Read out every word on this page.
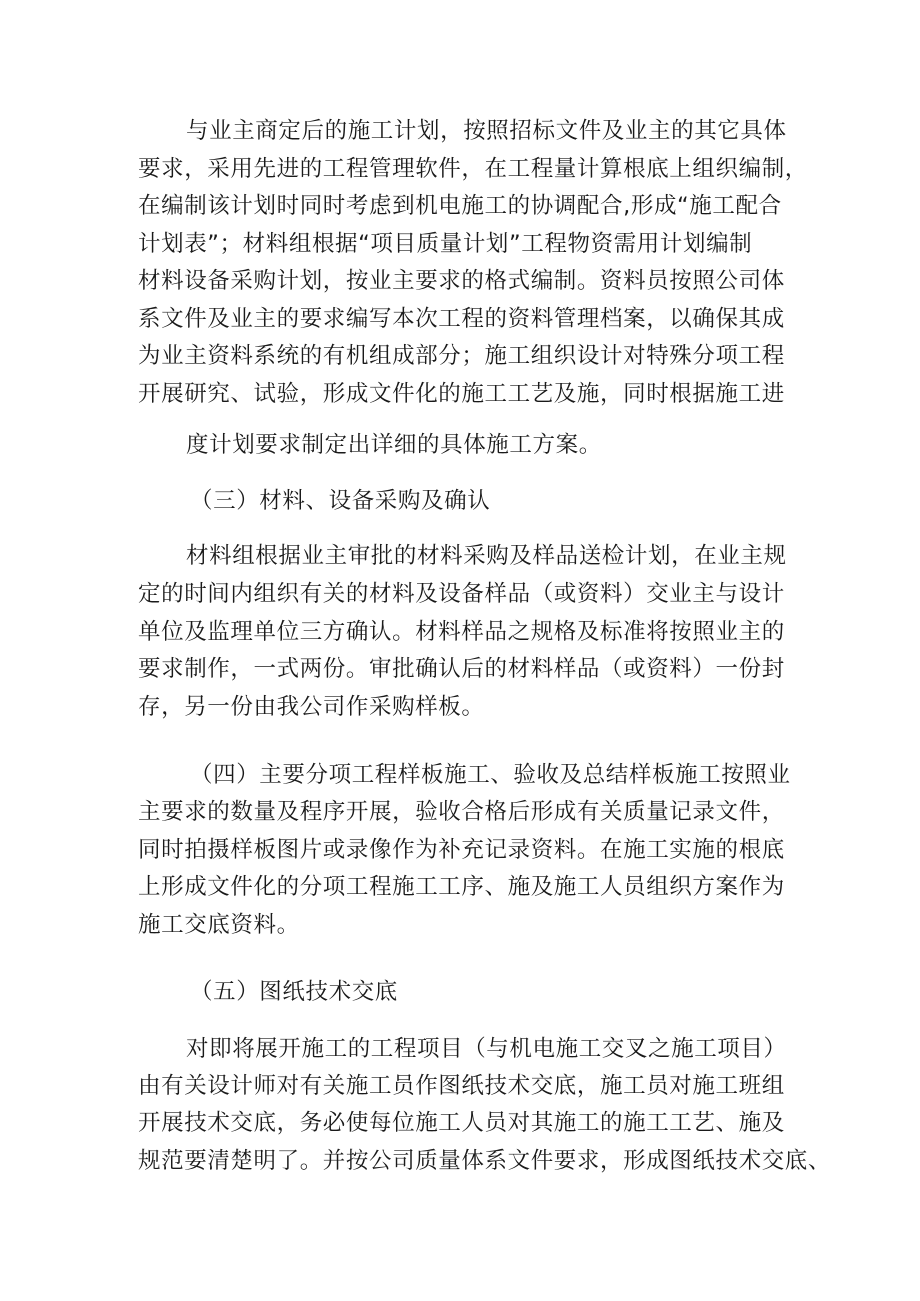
与业主商定后的施工计划，按照招标文件及业主的其它具体
要求，采用先进的工程管理软件，在工程量计算根底上组织编制，
在编制该计划时同时考虑到机电施工的协调配合,形成“施工配合
计划表”；材料组根据“项目质量计划”工程物资需用计划编制
材料设备采购计划，按业主要求的格式编制。资料员按照公司体
系文件及业主的要求编写本次工程的资料管理档案，以确保其成
为业主资料系统的有机组成部分；施工组织设计对特殊分项工程
开展研究、试验，形成文件化的施工工艺及施，同时根据施工进
度计划要求制定出详细的具体施工方案。
（三）材料、设备采购及确认
材料组根据业主审批的材料采购及样品送检计划，在业主规
定的时间内组织有关的材料及设备样品（或资料）交业主与设计
单位及监理单位三方确认。材料样品之规格及标准将按照业主的
要求制作，一式两份。审批确认后的材料样品（或资料）一份封
存，另一份由我公司作采购样板。
（四）主要分项工程样板施工、验收及总结样板施工按照业
主要求的数量及程序开展，验收合格后形成有关质量记录文件，
同时拍摄样板图片或录像作为补充记录资料。在施工实施的根底
上形成文件化的分项工程施工工序、施及施工人员组织方案作为
施工交底资料。
（五）图纸技术交底
对即将展开施工的工程项目（与机电施工交叉之施工项目）
由有关设计师对有关施工员作图纸技术交底，施工员对施工班组
开展技术交底，务必使每位施工人员对其施工的施工工艺、施及
规范要清楚明了。并按公司质量体系文件要求，形成图纸技术交底、
